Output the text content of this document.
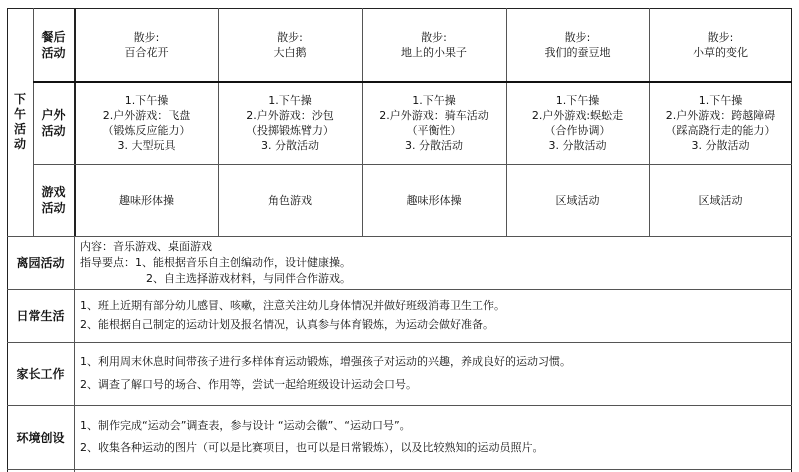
下
午
活
动
餐后
活动
户外
活动
游戏
活动
散步:
百合花开
1.下午操
2.户外游戏：飞盘
（锻炼反应能力）
3. 大型玩具
趣味形体操
散步:
大白鹅
1.下午操
2.户外游戏：沙包
（投掷锻炼臂力）
3. 分散活动
角色游戏
散步:
地上的小果子
1.下午操
2.户外游戏：骑车活动
（平衡性）
3. 分散活动
趣味形体操
散步:
我们的蚕豆地
1.下午操
2.户外游戏:蜈蚣走
（合作协调）
3. 分散活动
区域活动
散步:
小草的变化
1.下午操
2.户外游戏：跨越障碍
（踩高跷行走的能力）
3. 分散活动
区域活动
离园活动
内容：音乐游戏、桌面游戏
指导要点：1、能根据音乐自主创编动作，设计健康操。
2、自主选择游戏材料，与同伴合作游戏。
日常生活
1、班上近期有部分幼儿感冒、咳嗽，注意关注幼儿身体情况并做好班级消毒卫生工作。
2、能根据自己制定的运动计划及报名情况，认真参与体育锻炼，为运动会做好准备。
家长工作
1、利用周末休息时间带孩子进行多样体育运动锻炼，增强孩子对运动的兴趣，养成良好的运动习惯。
2、调查了解口号的场合、作用等，尝试一起给班级设计运动会口号。
环境创设
1、制作完成“运动会”调查表，参与设计 “运动会徽”、“运动口号”。
2、收集各种运动的图片（可以是比赛项目，也可以是日常锻炼），以及比较熟知的运动员照片。
